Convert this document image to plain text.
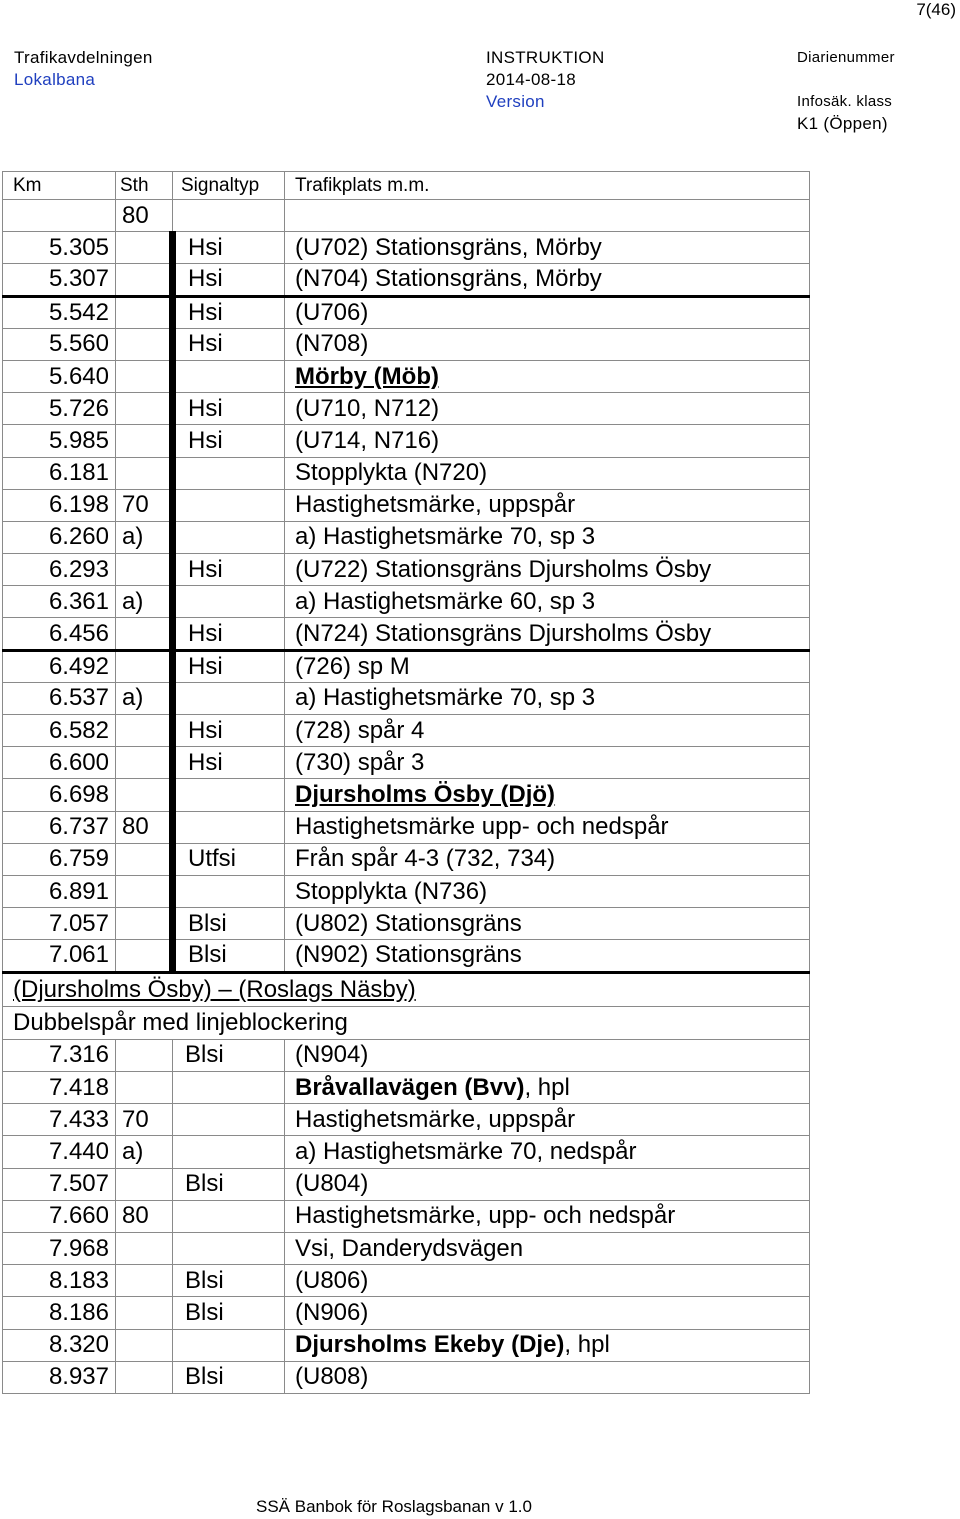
7(46)
Trafikavdelningen
Lokalbana
INSTRUKTION
2014-08-18
Version
Diarienummer
Infosäk. klass
K1 (Öppen)
Km	Sth	Signaltyp	Trafikplats m.m.
	80		
5.305		Hsi	(U702) Stationsgräns, Mörby
5.307		Hsi	(N704) Stationsgräns, Mörby
5.542		Hsi	(U706)
5.560		Hsi	(N708)
5.640			Mörby (Möb)
5.726		Hsi	(U710, N712)
5.985		Hsi	(U714, N716)
6.181			Stopplykta (N720)
6.198	70		Hastighetsmärke, uppspår
6.260	a)		a) Hastighetsmärke 70, sp 3
6.293		Hsi	(U722) Stationsgräns Djursholms Ösby
6.361	a)		a) Hastighetsmärke 60, sp 3
6.456		Hsi	(N724) Stationsgräns Djursholms Ösby
6.492		Hsi	(726) sp M
6.537	a)		a) Hastighetsmärke 70, sp 3
6.582		Hsi	(728) spår 4
6.600		Hsi	(730) spår 3
6.698			Djursholms Ösby (Djö)
6.737	80		Hastighetsmärke upp- och nedspår
6.759		Utfsi	Från spår 4-3 (732, 734)
6.891			Stopplykta (N736)
7.057		Blsi	(U802) Stationsgräns
7.061		Blsi	(N902) Stationsgräns
(Djursholms Ösby) – (Roslags Näsby)			
Dubbelspår med linjeblockering			
7.316		Blsi	(N904)
7.418			Bråvallavägen (Bvv), hpl
7.433	70		Hastighetsmärke, uppspår
7.440	a)		a) Hastighetsmärke 70, nedspår
7.507		Blsi	(U804)
7.660	80		Hastighetsmärke, upp- och nedspår
7.968			Vsi, Danderydsvägen
8.183		Blsi	(U806)
8.186		Blsi	(N906)
8.320			Djursholms Ekeby (Dje), hpl
8.937		Blsi	(U808)
SSÄ Banbok för Roslagsbanan v 1.0
